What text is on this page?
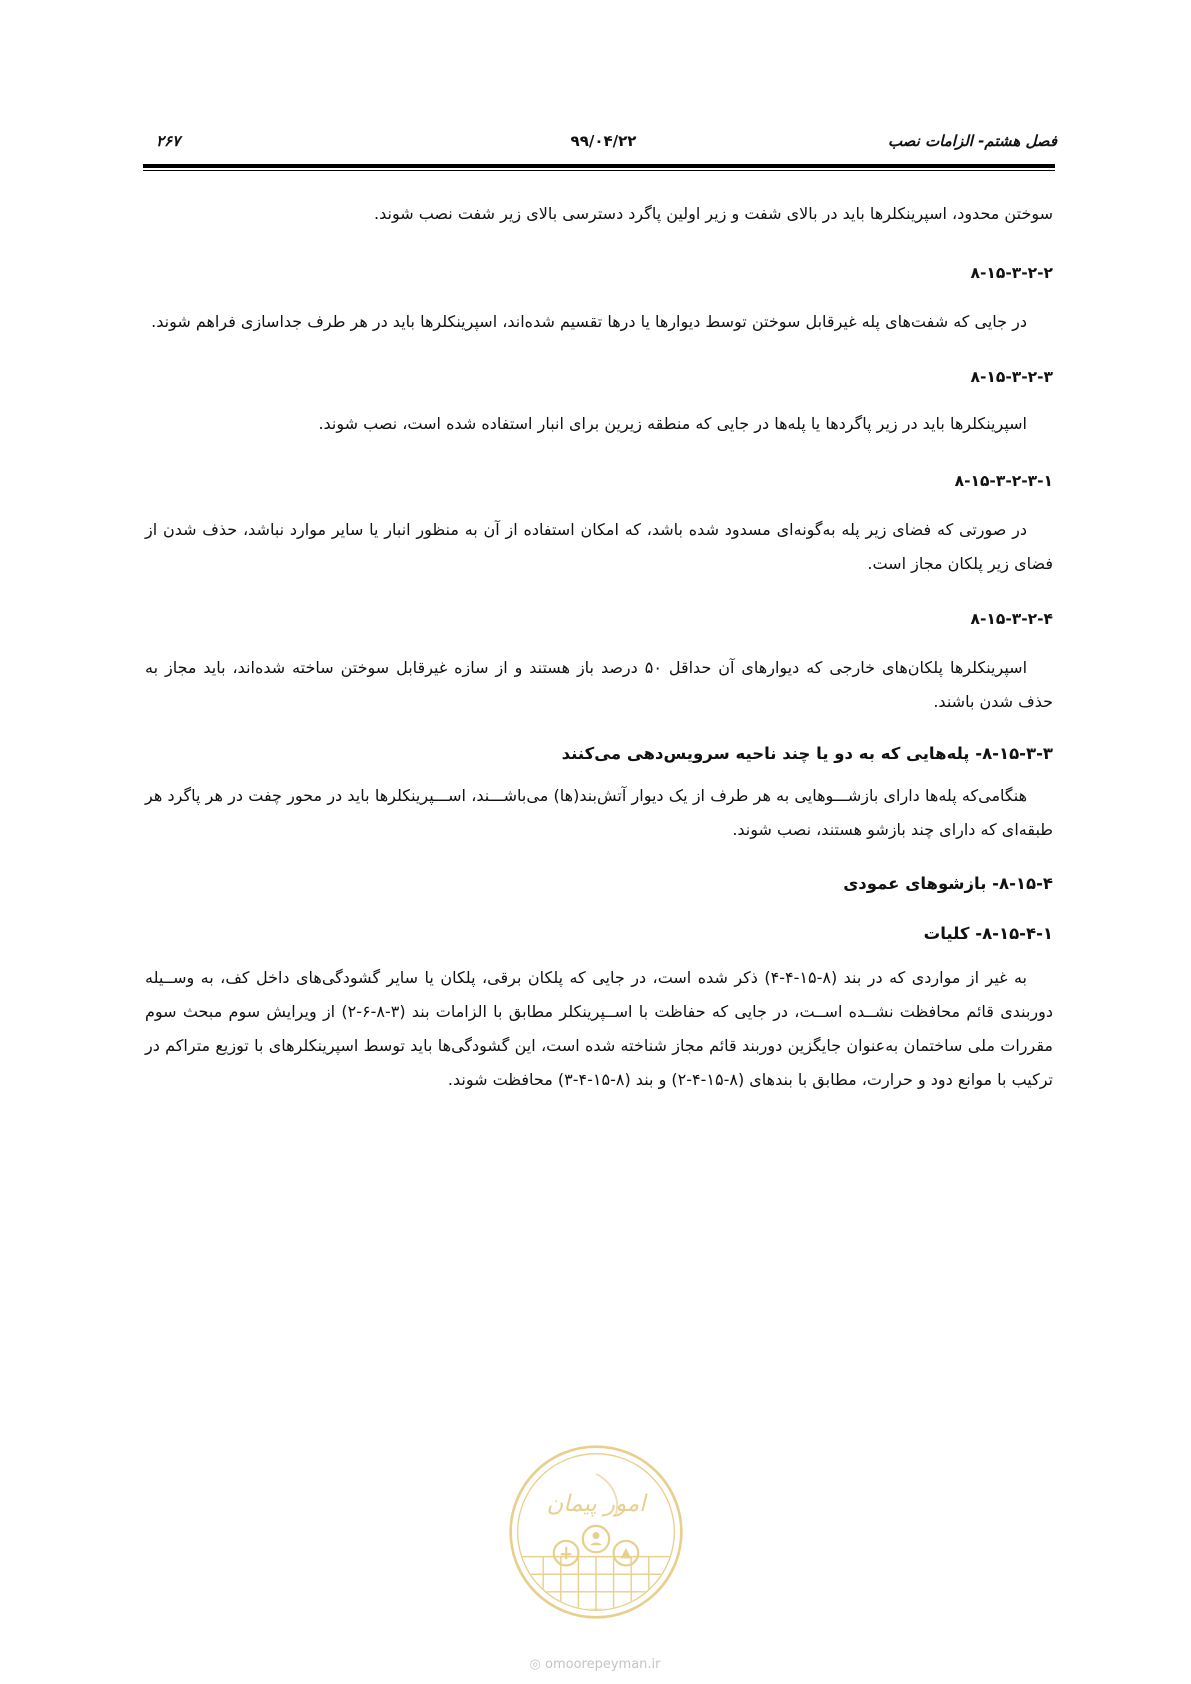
فصل هشتم- الزامات نصب
۹۹/۰۴/۲۲
۲۶۷

سوختن محدود، اسپرینکلرها باید در بالای شفت و زیر اولین پاگرد دسترسی بالای زیر شفت نصب شوند.

۸-۱۵-۳-۲-۲

در جایی که شفت‌های پله غیرقابل سوختن توسط دیوارها یا درها تقسیم شده‌اند، اسپرینکلرها باید در هر طرف جداسازی فراهم شوند.

۸-۱۵-۳-۲-۳

اسپرینکلرها باید در زیر پاگردها یا پله‌ها در جایی که منطقه زیرین برای انبار استفاده شده است، نصب شوند.

۸-۱۵-۳-۲-۳-۱

در صورتی که فضای زیر پله به‌گونه‌ای مسدود شده باشد، که امکان استفاده از آن به منظور انبار یا سایر موارد نباشد، حذف شدن از فضای زیر پلکان مجاز است.

۸-۱۵-۳-۲-۴

اسپرینکلرها پلکان‌های خارجی که دیوارهای آن حداقل ۵۰ درصد باز هستند و از سازه غیرقابل سوختن ساخته شده‌اند، باید مجاز به حذف شدن باشند.

۸-۱۵-۳-۳- پله‌هایی که به دو یا چند ناحیه سرویس‌دهی می‌کنند

هنگامی‌که پله‌ها دارای بازشـــوهایی به هر طرف از یک دیوار آتش‌بند(ها) می‌باشـــند، اســـپرینکلرها باید در محور چفت در هر پاگرد هر طبقه‌ای که دارای چند بازشو هستند، نصب شوند.

۸-۱۵-۴- بازشوهای عمودی

۸-۱۵-۴-۱- کلیات

به غیر از مواردی که در بند (۸-۱۵-۴-۴) ذکر شده است، در جایی که پلکان برقی، پلکان یا سایر گشودگی‌های داخل کف، به وســیله دوربندی قائم محافظت نشــده اســت، در جایی که حفاظت با اســپرینکلر مطابق با الزامات بند (۳-۸-۶-۲) از ویرایش سوم مبحث سوم مقررات ملی ساختمان به‌عنوان جایگزین دوربند قائم مجاز شناخته شده است، این گشودگی‌ها باید توسط اسپرینکلرهای با توزیع متراکم در ترکیب با موانع دود و حرارت، مطابق با بندهای (۸-۱۵-۴-۲) و بند (۸-۱۵-۴-۳) محافظت شوند.

امور پیمان
◎ omoorepeyman.ir
